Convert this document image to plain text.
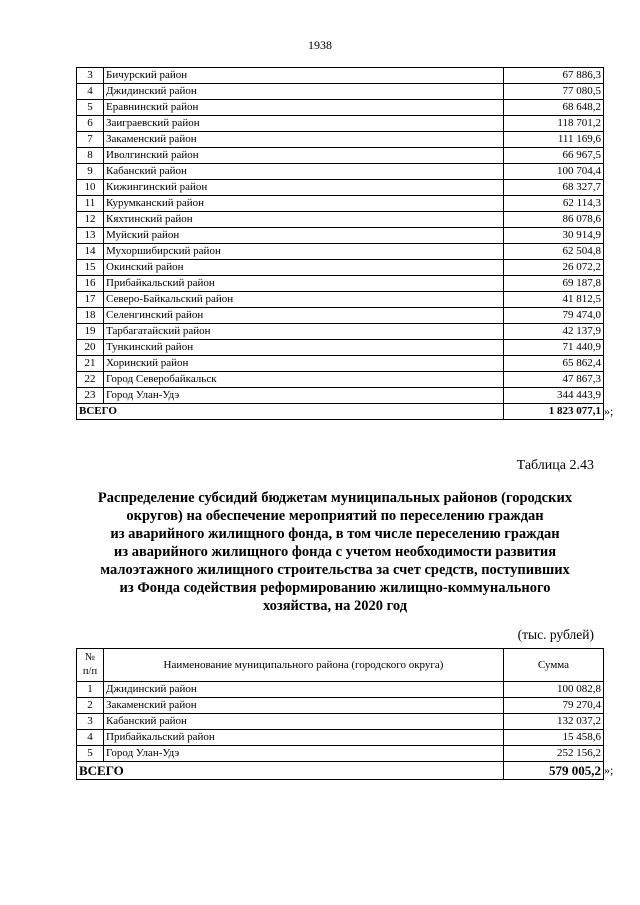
1938
3	Бичурский район	67 886,3
4	Джидинский район	77 080,5
5	Еравнинский район	68 648,2
6	Заиграевский район	118 701,2
7	Закаменский район	111 169,6
8	Иволгинский район	66 967,5
9	Кабанский район	100 704,4
10	Кижингинский район	68 327,7
11	Курумканский район	62 114,3
12	Кяхтинский район	86 078,6
13	Муйский район	30 914,9
14	Мухоршибирский район	62 504,8
15	Окинский район	26 072,2
16	Прибайкальский район	69 187,8
17	Северо-Байкальский район	41 812,5
18	Селенгинский район	79 474,0
19	Тарбагатайский район	42 137,9
20	Тункинский район	71 440,9
21	Хоринский район	65 862,4
22	Город Северобайкальск	47 867,3
23	Город Улан-Удэ	344 443,9
ВСЕГО		1 823 077,1 »;
Таблица 2.43
Распределение субсидий бюджетам муниципальных районов (городских
округов) на обеспечение мероприятий по переселению граждан
из аварийного жилищного фонда, в том числе переселению граждан
из аварийного жилищного фонда с учетом необходимости развития
малоэтажного жилищного строительства за счет средств, поступивших
из Фонда содействия реформированию жилищно-коммунального
хозяйства, на 2020 год
(тыс. рублей)
№
п/п	Наименование муниципального района (городского округа)	Сумма
1	Джидинский район	100 082,8
2	Закаменский район	79 270,4
3	Кабанский район	132 037,2
4	Прибайкальский район	15 458,6
5	Город Улан-Удэ	252 156,2
ВСЕГО		579 005,2 »;
